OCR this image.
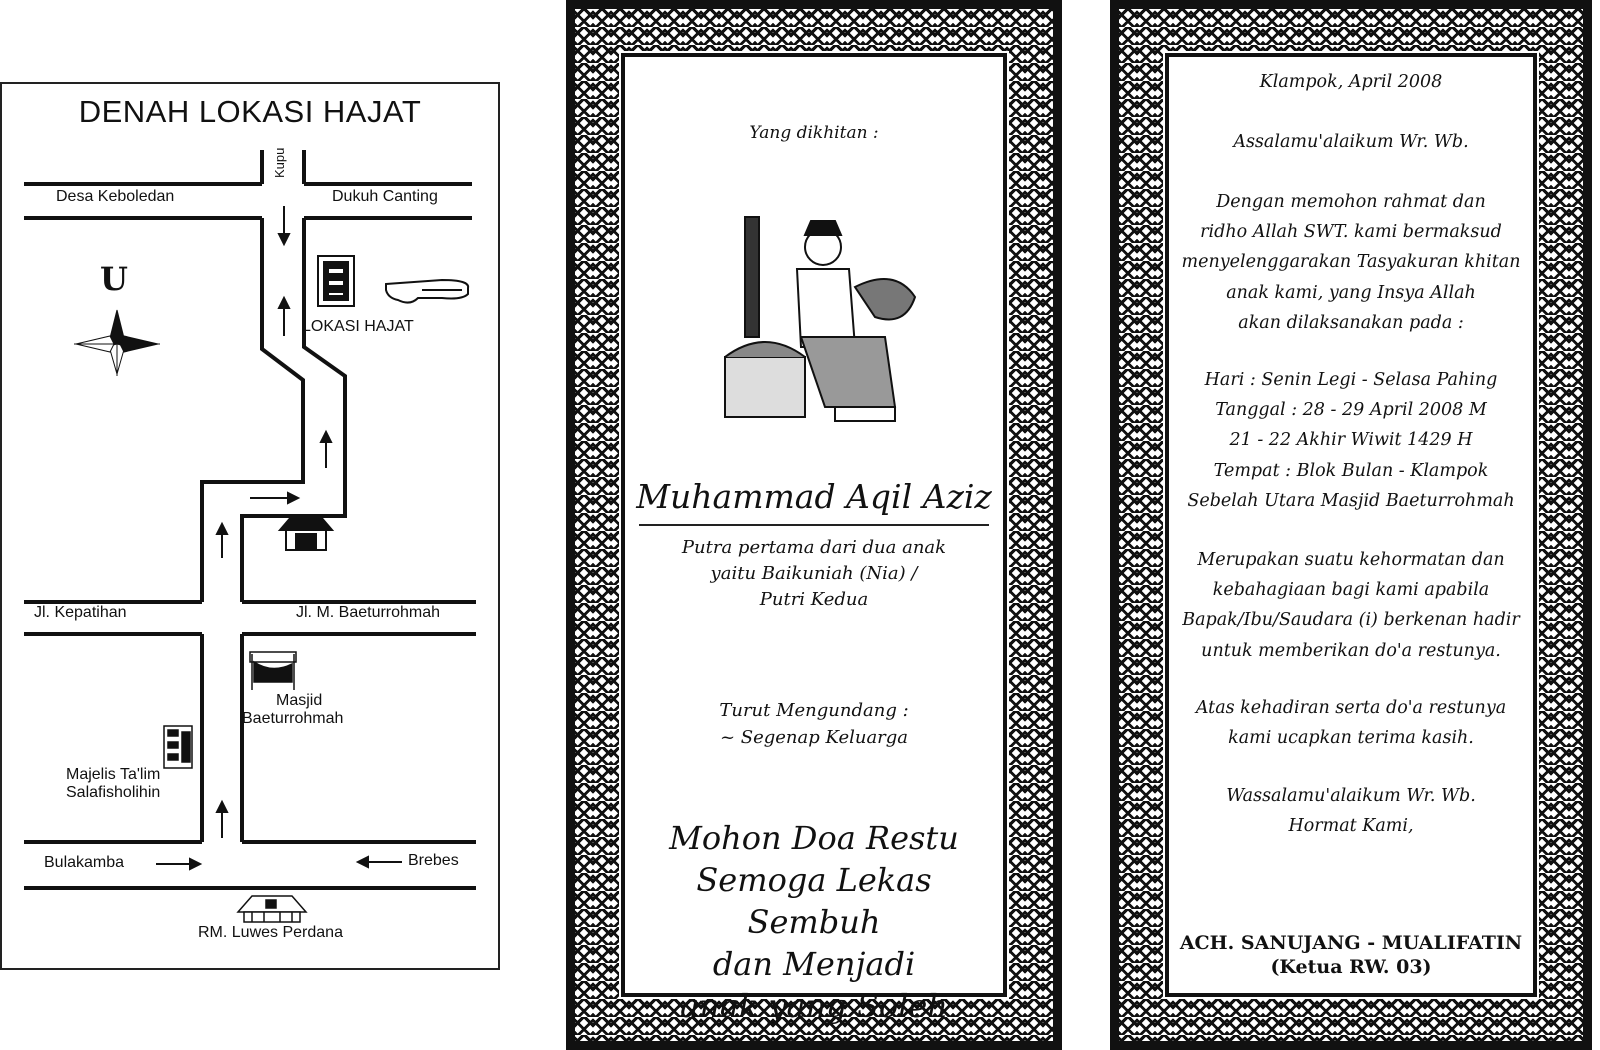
DENAH LOKASI HAJAT
Kupu
Desa Keboledan	Dukuh Canting
LOKASI HAJAT
U
Jl. Kepatihan	Jl. M. Baeturrohmah
Masjid
Baeturrohmah
Majelis Ta'lim
Salafisholihin
Bulakamba	Brebes
RM. Luwes Perdana
Yang dikhitan :
Muhammad Aqil Aziz
Putra pertama dari dua anak
yaitu Baikuniah (Nia) /
Putri Kedua
Turut Mengundang :
~ Segenap Keluarga
Mohon Doa Restu
Semoga Lekas Sembuh
dan Menjadi
anak yang Soleh
Klampok, April 2008
Assalamu'alaikum Wr. Wb.
Dengan memohon rahmat dan
ridho Allah SWT. kami bermaksud
menyelenggarakan Tasyakuran khitan
anak kami, yang Insya Allah
akan dilaksanakan pada :
Hari : Senin Legi - Selasa Pahing
Tanggal : 28 - 29 April 2008 M
21 - 22 Akhir Wiwit 1429 H
Tempat : Blok Bulan - Klampok
Sebelah Utara Masjid Baeturrohmah
Merupakan suatu kehormatan dan
kebahagiaan bagi kami apabila
Bapak/Ibu/Saudara (i) berkenan hadir
untuk memberikan do'a restunya.
Atas kehadiran serta do'a restunya
kami ucapkan terima kasih.
Wassalamu'alaikum Wr. Wb.
Hormat Kami,
ACH. SANUJANG - MUALIFATIN
(Ketua RW. 03)
